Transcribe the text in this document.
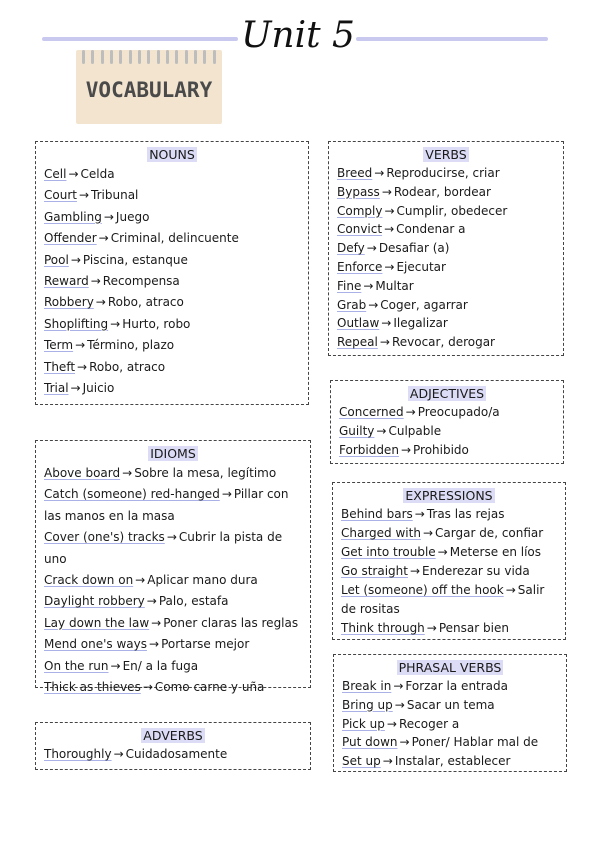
Unit 5
VOCABULARY
NOUNS
Cell → Celda
Court → Tribunal
Gambling → Juego
Offender → Criminal, delincuente
Pool → Piscina, estanque
Reward → Recompensa
Robbery → Robo, atraco
Shoplifting → Hurto, robo
Term → Término, plazo
Theft → Robo, atraco
Trial → Juicio
VERBS
Breed → Reproducirse, criar
Bypass → Rodear, bordear
Comply → Cumplir, obedecer
Convict → Condenar a
Defy → Desafiar (a)
Enforce → Ejecutar
Fine → Multar
Grab → Coger, agarrar
Outlaw → Ilegalizar
Repeal → Revocar, derogar
ADJECTIVES
Concerned → Preocupado/a
Guilty → Culpable
Forbidden → Prohibido
IDIOMS
Above board → Sobre la mesa, legítimo
Catch (someone) red-hanged → Pillar con las manos en la masa
Cover (one's) tracks → Cubrir la pista de uno
Crack down on → Aplicar mano dura
Daylight robbery → Palo, estafa
Lay down the law → Poner claras las reglas
Mend one's ways → Portarse mejor
On the run → En/ a la fuga
Thick as thieves → Como carne y uña
EXPRESSIONS
Behind bars → Tras las rejas
Charged with → Cargar de, confiar
Get into trouble → Meterse en líos
Go straight → Enderezar su vida
Let (someone) off the hook → Salir de rositas
Think through → Pensar bien
PHRASAL VERBS
Break in → Forzar la entrada
Bring up → Sacar un tema
Pick up → Recoger a
Put down → Poner/ Hablar mal de
Set up → Instalar, establecer
ADVERBS
Thoroughly → Cuidadosamente
